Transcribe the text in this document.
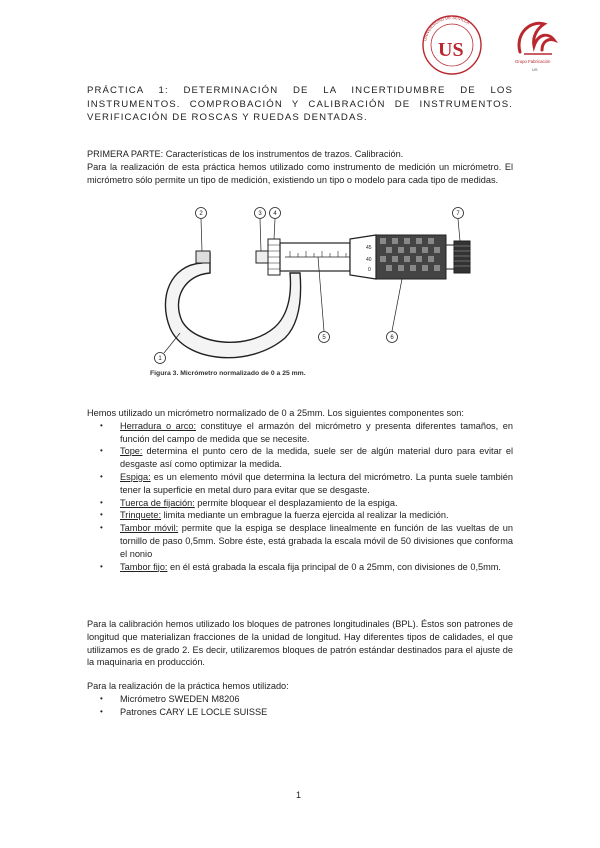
UNIVERSIDAD DE SEVILLA
US
Grupo Fabricación
US
PRÁCTICA 1: DETERMINACIÓN DE LA INCERTIDUMBRE DE LOS INSTRUMENTOS. COMPROBACIÓN Y CALIBRACIÓN DE INSTRUMENTOS. VERIFICACIÓN DE ROSCAS Y RUEDAS DENTADAS.

PRIMERA PARTE: Características de los instrumentos de trazos. Calibración.

Para la realización de esta práctica hemos utilizado como instrumento de medición un micrómetro. El micrómetro sólo permite un tipo de medición, existiendo un tipo o modelo para cada tipo de medidas.

45
40
0
2	3 4	7
1
5	6
Figura 3. Micrómetro normalizado de 0 a 25 mm.

Hemos utilizado un micrómetro normalizado de 0 a 25mm. Los siguientes componentes son:

• Herradura o arco: constituye el armazón del micrómetro y presenta diferentes tamaños, en función del campo de medida que se necesite.
• Tope: determina el punto cero de la medida, suele ser de algún material duro para evitar el desgaste así como optimizar la medida.
• Espiga: es un elemento móvil que determina la lectura del micrómetro. La punta suele también tener la superficie en metal duro para evitar que se desgaste.
• Tuerca de fijación: permite bloquear el desplazamiento de la espiga.
• Trinquete: limita mediante un embrague la fuerza ejercida al realizar la medición.
• Tambor móvil: permite que la espiga se desplace linealmente en función de las vueltas de un tornillo de paso 0,5mm. Sobre éste, está grabada la escala móvil de 50 divisiones que conforma el nonio
• Tambor fijo: en él está grabada la escala fija principal de 0 a 25mm, con divisiones de 0,5mm.

Para la calibración hemos utilizado los bloques de patrones longitudinales (BPL). Éstos son patrones de longitud que materializan fracciones de la unidad de longitud. Hay diferentes tipos de calidades, el que utilizamos es de grado 2. Es decir, utilizaremos bloques de patrón estándar destinados para el ajuste de la maquinaria en producción.

Para la realización de la práctica hemos utilizado:

• Micrómetro SWEDEN M8206
• Patrones CARY LE LOCLE SUISSE
1
